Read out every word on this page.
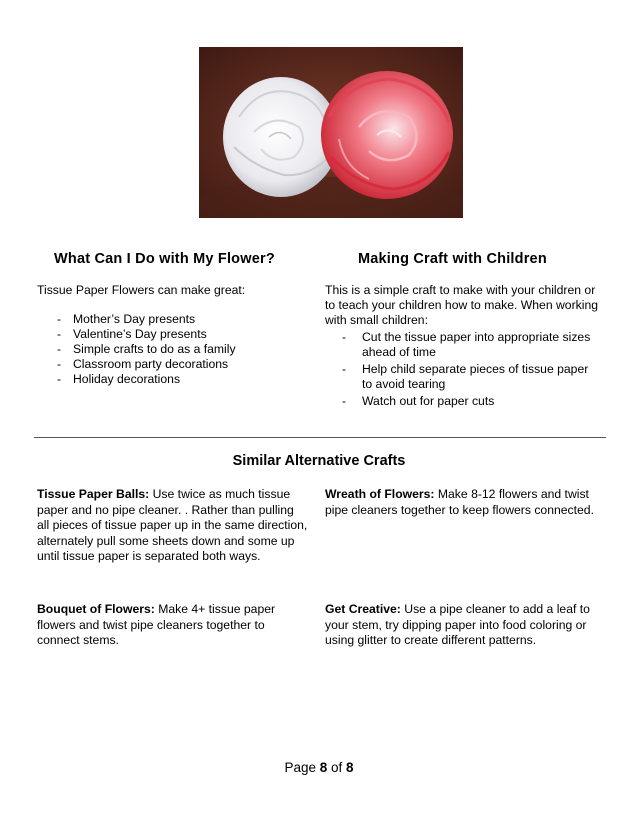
What Can I Do with My Flower?	Making Craft with Children
Tissue Paper Flowers can make great:
- Mother’s Day presents
- Valentine’s Day presents
- Simple crafts to do as a family
- Classroom party decorations
- Holiday decorations
This is a simple craft to make with your children or to teach your children how to make. When working with small children:
- Cut the tissue paper into appropriate sizes ahead of time
- Help child separate pieces of tissue paper to avoid tearing
- Watch out for paper cuts
Similar Alternative Crafts
Tissue Paper Balls: Use twice as much tissue paper and no pipe cleaner. . Rather than pulling all pieces of tissue paper up in the same direction, alternately pull some sheets down and some up until tissue paper is separated both ways.
Wreath of Flowers: Make 8-12 flowers and twist pipe cleaners together to keep flowers connected.
Bouquet of Flowers: Make 4+ tissue paper flowers and twist pipe cleaners together to connect stems.
Get Creative: Use a pipe cleaner to add a leaf to your stem, try dipping paper into food coloring or using glitter to create different patterns.
Page 8 of 8
